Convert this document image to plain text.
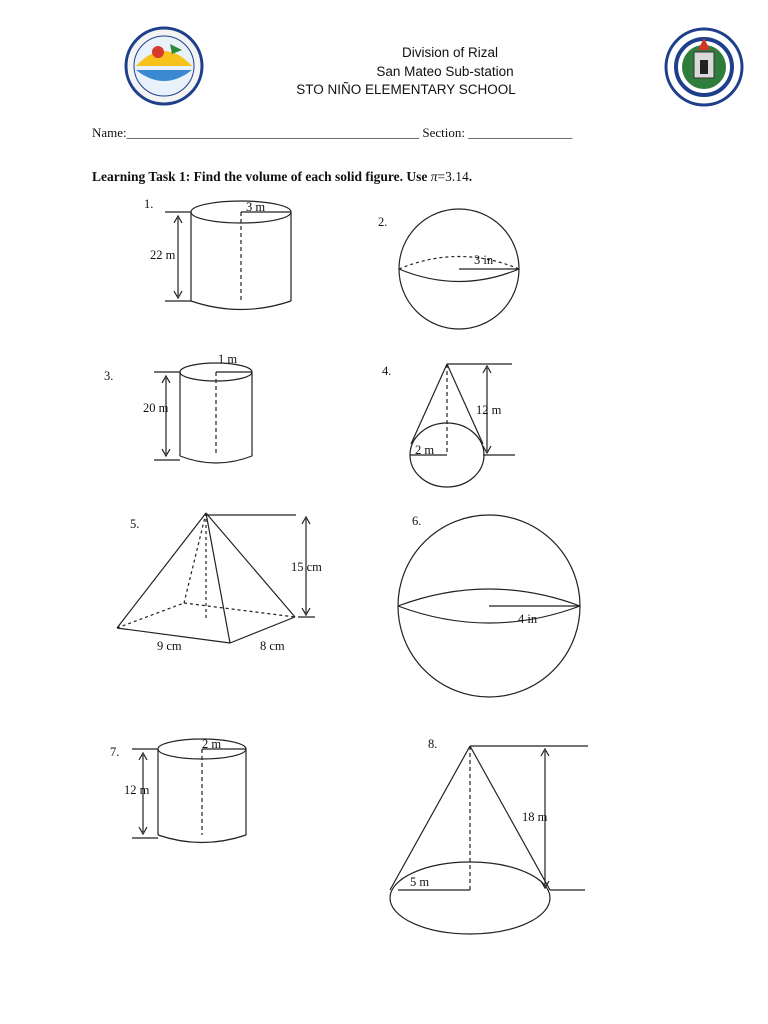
Division of Rizal
San Mateo Sub-station
STO NIÑO ELEMENTARY SCHOOL
Name:_____________________________________________ Section: ________________
Learning Task 1: Find the volume of each solid figure. Use π=3.14.
1.
2.
3.	4.
5.	6.
7.
8.
3 m
22 m	3 in
1 m
20 m	12 m
2 m
15 cm
9 cm	8 cm
4 in
2 m
12 m
18 m
5 m
